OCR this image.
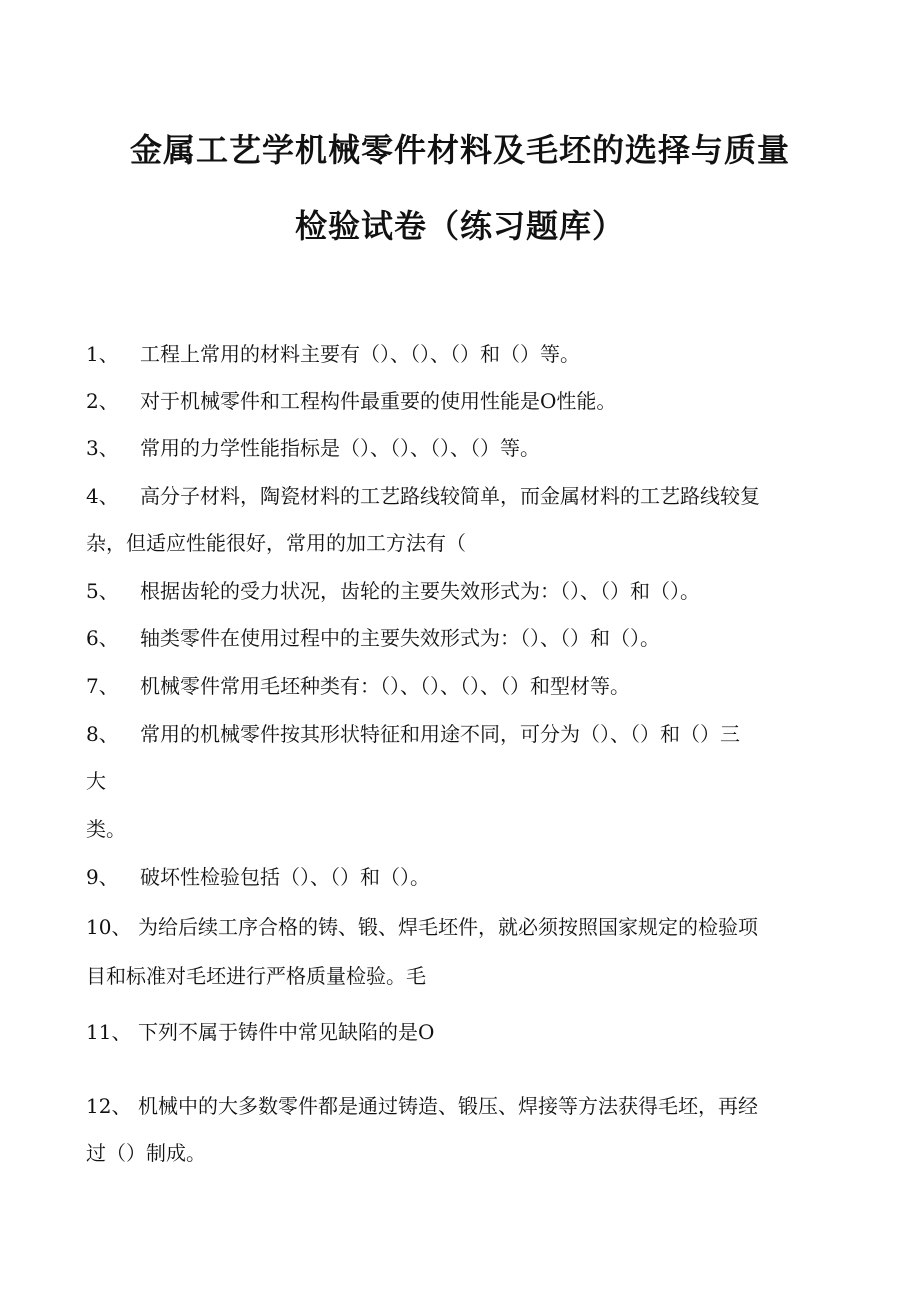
金属工艺学机械零件材料及毛坯的选择与质量
检验试卷（练习题库）
1、 工程上常用的材料主要有（）、（）、（）和（）等。
2、 对于机械零件和工程构件最重要的使用性能是O性能。
3、 常用的力学性能指标是（）、（）、（）、（）等。
4、 高分子材料，陶瓷材料的工艺路线较简单，而金属材料的工艺路线较复
杂，但适应性能很好，常用的加工方法有（
5、 根据齿轮的受力状况，齿轮的主要失效形式为：（）、（）和（）。
6、 轴类零件在使用过程中的主要失效形式为：（）、（）和（）。
7、 机械零件常用毛坯种类有：（）、（）、（）、（）和型材等。
8、 常用的机械零件按其形状特征和用途不同，可分为（）、（）和（）三
大
类。
9、 破坏性检验包括（）、（）和（）。
10、 为给后续工序合格的铸、锻、焊毛坯件，就必须按照国家规定的检验项
目和标准对毛坯进行严格质量检验。毛
11、 下列不属于铸件中常见缺陷的是O
12、 机械中的大多数零件都是通过铸造、锻压、焊接等方法获得毛坯，再经
过（）制成。
